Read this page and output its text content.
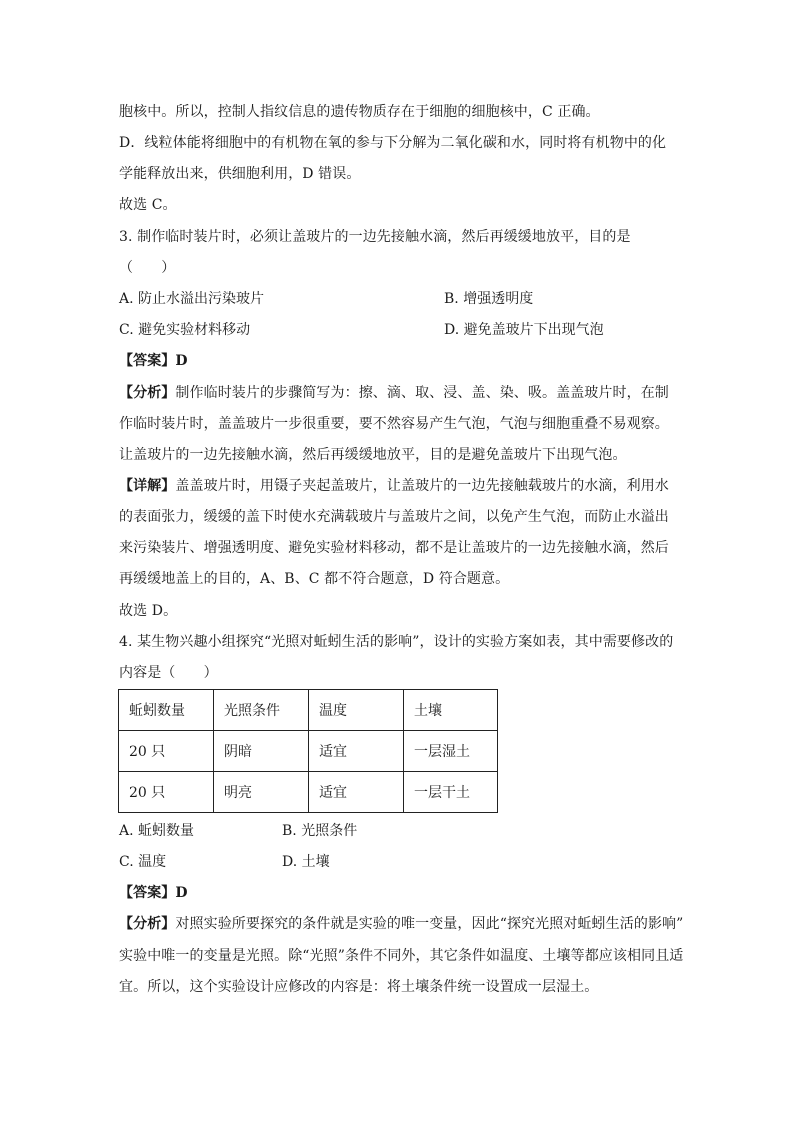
胞核中。所以，控制人指纹信息的遗传物质存在于细胞的细胞核中，C 正确。
D．线粒体能将细胞中的有机物在氧的参与下分解为二氧化碳和水，同时将有机物中的化
学能释放出来，供细胞利用，D 错误。
故选 C。
3. 制作临时装片时，必须让盖玻片的一边先接触水滴，然后再缓缓地放平，目的是
（　　）
A. 防止水溢出污染玻片	B. 增强透明度
C. 避免实验材料移动	D. 避免盖玻片下出现气泡
【答案】D
【分析】制作临时装片的步骤简写为：擦、滴、取、浸、盖、染、吸。盖盖玻片时，在制
作临时装片时，盖盖玻片一步很重要，要不然容易产生气泡，气泡与细胞重叠不易观察。
让盖玻片的一边先接触水滴，然后再缓缓地放平，目的是避免盖玻片下出现气泡。
【详解】盖盖玻片时，用镊子夹起盖玻片，让盖玻片的一边先接触载玻片的水滴，利用水
的表面张力，缓缓的盖下时使水充满载玻片与盖玻片之间，以免产生气泡，而防止水溢出
来污染装片、增强透明度、避免实验材料移动，都不是让盖玻片的一边先接触水滴，然后
再缓缓地盖上的目的，A、B、C 都不符合题意，D 符合题意。
故选 D。
4. 某生物兴趣小组探究“光照对蚯蚓生活的影响”，设计的实验方案如表，其中需要修改的
内容是（　　）
蚯蚓数量	光照条件	温度	土壤
20 只	阴暗	适宜	一层湿土
20 只	明亮	适宜	一层干土
A. 蚯蚓数量	B. 光照条件
C. 温度	D. 土壤
【答案】D
【分析】对照实验所要探究的条件就是实验的唯一变量，因此“探究光照对蚯蚓生活的影响”
实验中唯一的变量是光照。除“光照”条件不同外，其它条件如温度、土壤等都应该相同且适
宜。所以，这个实验设计应修改的内容是：将土壤条件统一设置成一层湿土。
